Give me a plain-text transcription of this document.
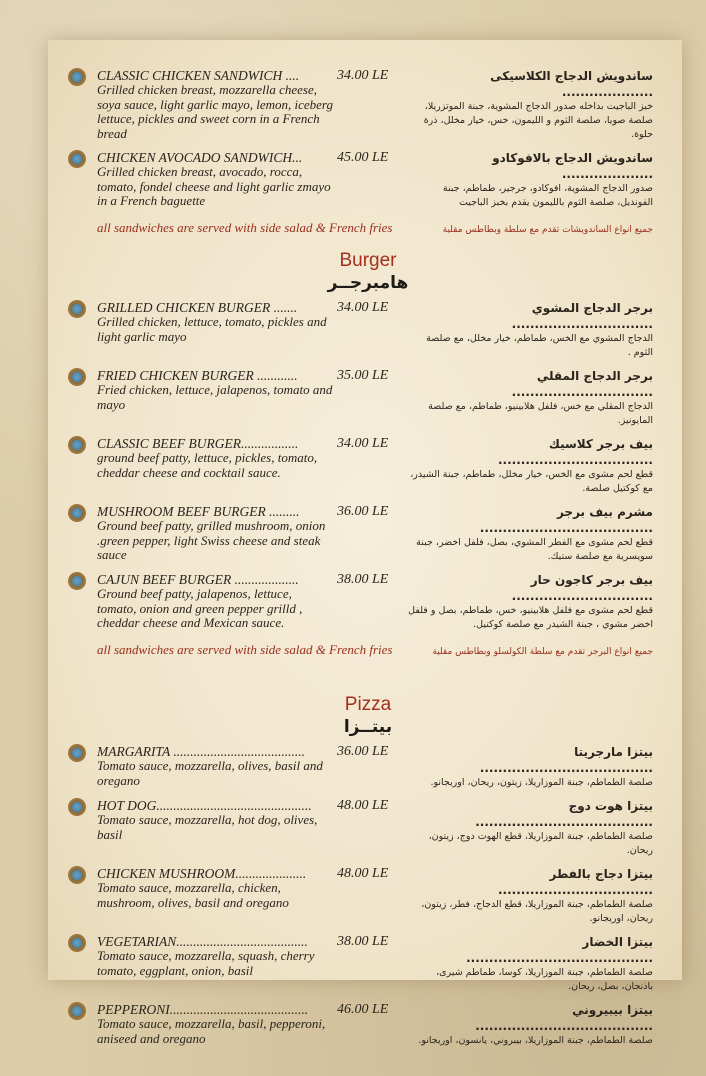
CLASSIC CHICKEN SANDWICH ....
Grilled chicken breast, mozzarella cheese, soya sauce, light garlic mayo, lemon, iceberg lettuce, pickles and sweet corn in a French bread
34.00 LE	ساندويش الدجاج الكلاسيكى ....................
خبز الباجيت بداخله صدور الدجاج المشوية، جبنة الموتزريلا، صلصة صويا، صلصة الثوم و الليمون، خس، خيار مخلل، ذرة حلوة.
CHICKEN AVOCADO SANDWICH...
Grilled chicken breast, avocado, rocca, tomato, fondel cheese and light garlic zmayo in a French baguette
45.00 LE	ساندويش الدجاج بالافوكادو ....................
صدور الدجاج المشوية، افوكادو، جرجير، طماطم، جبنة الفونديل، صلصة الثوم بالليمون يقدم بخبز الباجيت
all sandwiches are served with side salad & French fries	جميع انواع الساندويشات تقدم مع سلطة وبطاطس مقلية
Burger
هامبرجــر
GRILLED CHICKEN BURGER .......
Grilled chicken, lettuce, tomato, pickles and light garlic mayo
34.00 LE	برجر الدجاج المشوي ...............................
الدجاج المشوي مع الخس، طماطم، خيار مخلل، مع صلصة الثوم .
FRIED CHICKEN BURGER ............
Fried chicken, lettuce, jalapenos, tomato and mayo
35.00 LE	برجر الدجاج المقلي ...............................
الدجاج المقلي مع خس، فلفل هلابينيو، طماطم، مع صلصة المايونيز.
CLASSIC BEEF BURGER.................
ground beef patty, lettuce, pickles, tomato, cheddar cheese and cocktail sauce.
34.00 LE	بيف برجر كلاسيك ..................................
قطع لحم مشوى مع الخس، خيار مخلل، طماطم، جبنة الشيدر، مع كوكتيل صلصة.
MUSHROOM BEEF BURGER .........
Ground beef patty, grilled mushroom, onion .green pepper, light Swiss cheese and steak sauce
36.00 LE	مشرم بيف برجر ......................................
قطع لحم مشوى مع الفطر المشوي، بصل، فلفل اخضر، جبنة سويسرية مع صلصة ستيك.
CAJUN BEEF BURGER ...................
Ground beef patty, jalapenos, lettuce, tomato, onion and green pepper grilld , cheddar cheese and Mexican sauce.
38.00 LE	بيف برجر كاجون حار ...............................
قطع لحم مشوى مع فلفل هلابينيو، خس، طماطم، بصل و فلفل اخضر مشوي ، جبنة الشيدر مع صلصة كوكتيل.
all sandwiches are served with side salad & French fries	جميع انواع البرجر تقدم مع سلطة الكولسلو وبطاطس مقلية
Pizza
بيتــزا
MARGARITA .......................................
Tomato sauce, mozzarella, olives, basil and oregano
36.00 LE	بيتزا مارجريتا ......................................
صلصة الطماطم، جبنة الموزاريلا، زيتون، ريحان، اوريجانو.
HOT DOG..............................................
Tomato sauce, mozzarella, hot dog, olives, basil
48.00 LE	بيتزا هوت دوج .......................................
صلصة الطماطم، جبنة الموزاريلا، قطع الهوت دوج، زيتون، ريحان.
CHICKEN MUSHROOM.....................
Tomato sauce, mozzarella, chicken, mushroom, olives, basil and oregano
48.00 LE	بيتزا دجاج بالفطر ..................................
صلصة الطماطم، جبنة الموزاريلا، قطع الدجاج، فطر، زيتون، ريحان، اوريجانو.
VEGETARIAN.......................................
Tomato sauce, mozzarella, squash, cherry tomato, eggplant, onion, basil
38.00 LE	بيتزا الخضار .........................................
صلصة الطماطم، جبنة الموزاريلا، كوسا، طماطم شيرى، باذنجان، بصل، ريحان.
PEPPERONI.........................................
Tomato sauce, mozzarella, basil, pepperoni, aniseed and oregano
46.00 LE	بيتزا بيبيروني .......................................
صلصة الطماطم، جبنة الموزاريلا، بيبروني، يانسون، اوريجانو.
